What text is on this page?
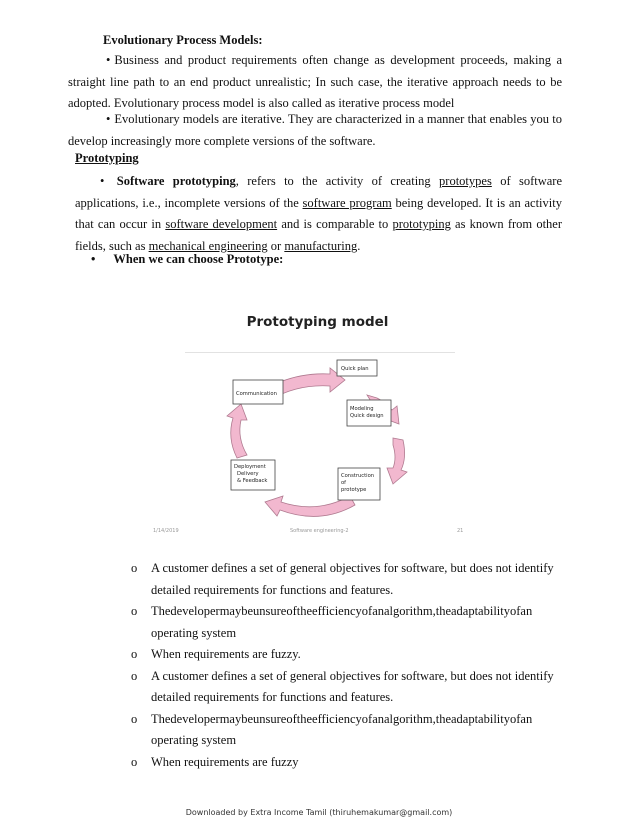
Evolutionary Process Models:
• Business and product requirements often change as development proceeds, making a straight line path to an end product unrealistic; In such case, the iterative approach needs to be adopted. Evolutionary process model is also called as iterative process model
• Evolutionary models are iterative. They are characterized in a manner that enables you to develop increasingly more complete versions of the software.
Prototyping
• Software prototyping, refers to the activity of creating prototypes of software applications, i.e., incomplete versions of the software program being developed. It is an activity that can occur in software development and is comparable to prototyping as known from other fields, such as mechanical engineering or manufacturing.
• When we can choose Prototype:
Prototyping model
Communication
Quick plan
Modeling
Quick design
Construction
of
prototype
Deployment
Delivery
& Feedback
1/14/2019	Software engineering-2	21
o A customer defines a set of general objectives for software, but does not identify detailed requirements for functions and features.
o Thedevelopermaybeunsureoftheefficiencyofanalgorithm,theadaptabilityofan operating system
o When requirements are fuzzy.
o A customer defines a set of general objectives for software, but does not identify detailed requirements for functions and features.
o Thedevelopermaybeunsureoftheefficiencyofanalgorithm,theadaptabilityofan operating system
o When requirements are fuzzy
Downloaded by Extra Income Tamil (thiruhemakumar@gmail.com)
